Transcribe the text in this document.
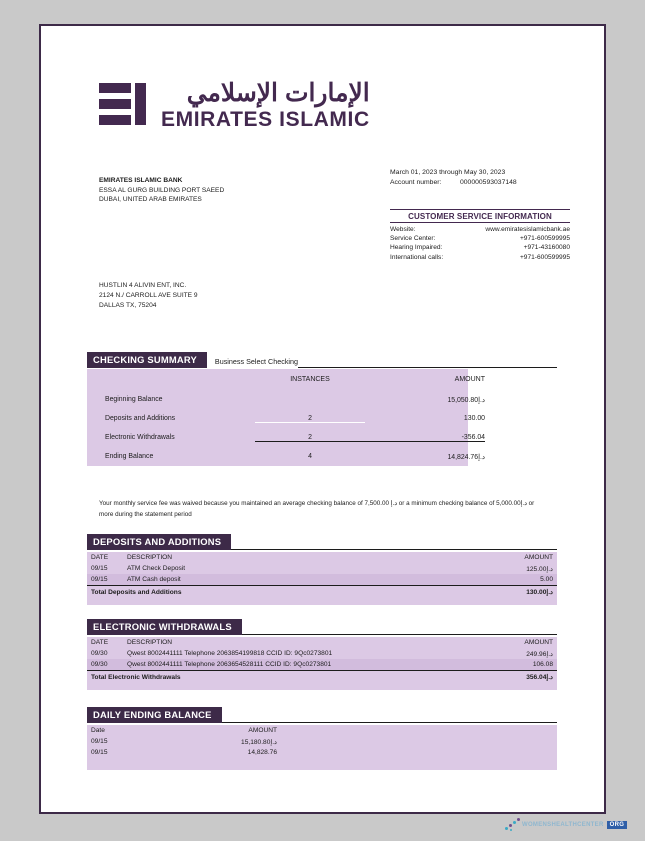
الإمارات الإسلامي
EMIRATES ISLAMIC
EMIRATES ISLAMIC BANK
ESSA AL GURG BUILDING PORT SAEED
DUBAI, UNITED ARAB EMIRATES
March 01, 2023 through May 30, 2023
Account number:	000000593037148
CUSTOMER SERVICE INFORMATION
Website:	www.emiratesislamicbank.ae
Service Center:	+971-600599995
Hearing Impaired:	+971-43160080
International calls:	+971-600599995
HUSTLIN 4 ALIVIN ENT, INC.
2124 N./ CARROLL AVE SUITE 9
DALLAS TX, 75204
CHECKING SUMMARY	Business Select Checking
INSTANCES	AMOUNT
Beginning Balance	د.إ15,050.80
Deposits and Additions	2	130.00
Electronic Withdrawals	2	-356.04
Ending Balance	4	د.إ14,824.76
Your monthly service fee was waived because you maintained an average checking balance of د.إ 7,500.00 or a minimum checking balance of د.إ5,000.00 or more during the statement period
DEPOSITS AND ADDITIONS
DATE	DESCRIPTION	AMOUNT
09/15	ATM Check Deposit	د.إ125.00
09/15	ATM Cash deposit	5.00
Total Deposits and Additions	د.إ130.00
ELECTRONIC WITHDRAWALS
DATE	DESCRIPTION	AMOUNT
09/30	Qwest 8002441111 Telephone 2063854199818 CCID ID: 9Qc0273801	د.إ249.96
09/30	Qwest 8002441111 Telephone 2063654528111 CCID ID: 9Qc0273801	106.08
Total Electronic Withdrawals	د.إ356.04
DAILY ENDING BALANCE
Date	AMOUNT
09/15	د.إ15,180.80
09/15	14,828.76
WOMENSHEALTHCENTER	ORG
